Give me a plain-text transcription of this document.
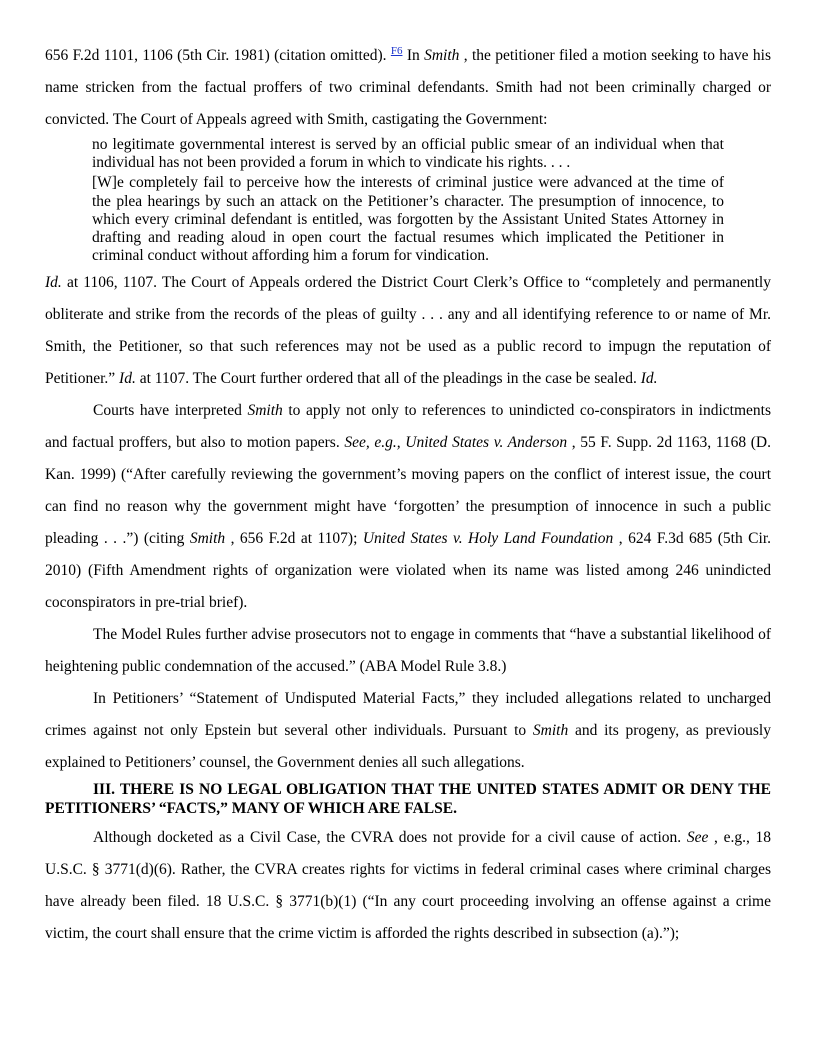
656 F.2d 1101, 1106 (5th Cir. 1981) (citation omitted). $^{F6}$ In Smith , the petitioner filed a motion seeking to have his name stricken from the factual proffers of two criminal defendants. Smith had not been criminally charged or convicted. The Court of Appeals agreed with Smith, castigating the Government:

no legitimate governmental interest is served by an official public smear of an individual when that individual has not been provided a forum in which to vindicate his rights. . . .

[W]e completely fail to perceive how the interests of criminal justice were advanced at the time of the plea hearings by such an attack on the Petitioner’s character. The presumption of innocence, to which every criminal defendant is entitled, was forgotten by the Assistant United States Attorney in drafting and reading aloud in open court the factual resumes which implicated the Petitioner in criminal conduct without affording him a forum for vindication.

Id. at 1106, 1107. The Court of Appeals ordered the District Court Clerk’s Office to “completely and permanently obliterate and strike from the records of the pleas of guilty . . . any and all identifying reference to or name of Mr. Smith, the Petitioner, so that such references may not be used as a public record to impugn the reputation of Petitioner.” Id. at 1107. The Court further ordered that all of the pleadings in the case be sealed. Id.

Courts have interpreted Smith to apply not only to references to unindicted co-conspirators in indictments and factual proffers, but also to motion papers. See, e.g., United States v. Anderson , 55 F. Supp. 2d 1163, 1168 (D. Kan. 1999) (“After carefully reviewing the government’s moving papers on the conflict of interest issue, the court can find no reason why the government might have ‘forgotten’ the presumption of innocence in such a public pleading . . .”) (citing Smith , 656 F.2d at 1107); United States v. Holy Land Foundation , 624 F.3d 685 (5th Cir. 2010) (Fifth Amendment rights of organization were violated when its name was listed among 246 unindicted coconspirators in pre-trial brief).

The Model Rules further advise prosecutors not to engage in comments that “have a substantial likelihood of heightening public condemnation of the accused.” (ABA Model Rule 3.8.)

In Petitioners’ “Statement of Undisputed Material Facts,” they included allegations related to uncharged crimes against not only Epstein but several other individuals. Pursuant to Smith and its progeny, as previously explained to Petitioners’ counsel, the Government denies all such allegations.

III. THERE IS NO LEGAL OBLIGATION THAT THE UNITED STATES ADMIT OR DENY THE PETITIONERS’ “FACTS,” MANY OF WHICH ARE FALSE.

Although docketed as a Civil Case, the CVRA does not provide for a civil cause of action. See , e.g., 18 U.S.C. § 3771(d)(6). Rather, the CVRA creates rights for victims in federal criminal cases where criminal charges have already been filed. 18 U.S.C. § 3771(b)(1) (“In any court proceeding involving an offense against a crime victim, the court shall ensure that the crime victim is afforded the rights described in subsection (a).”);
